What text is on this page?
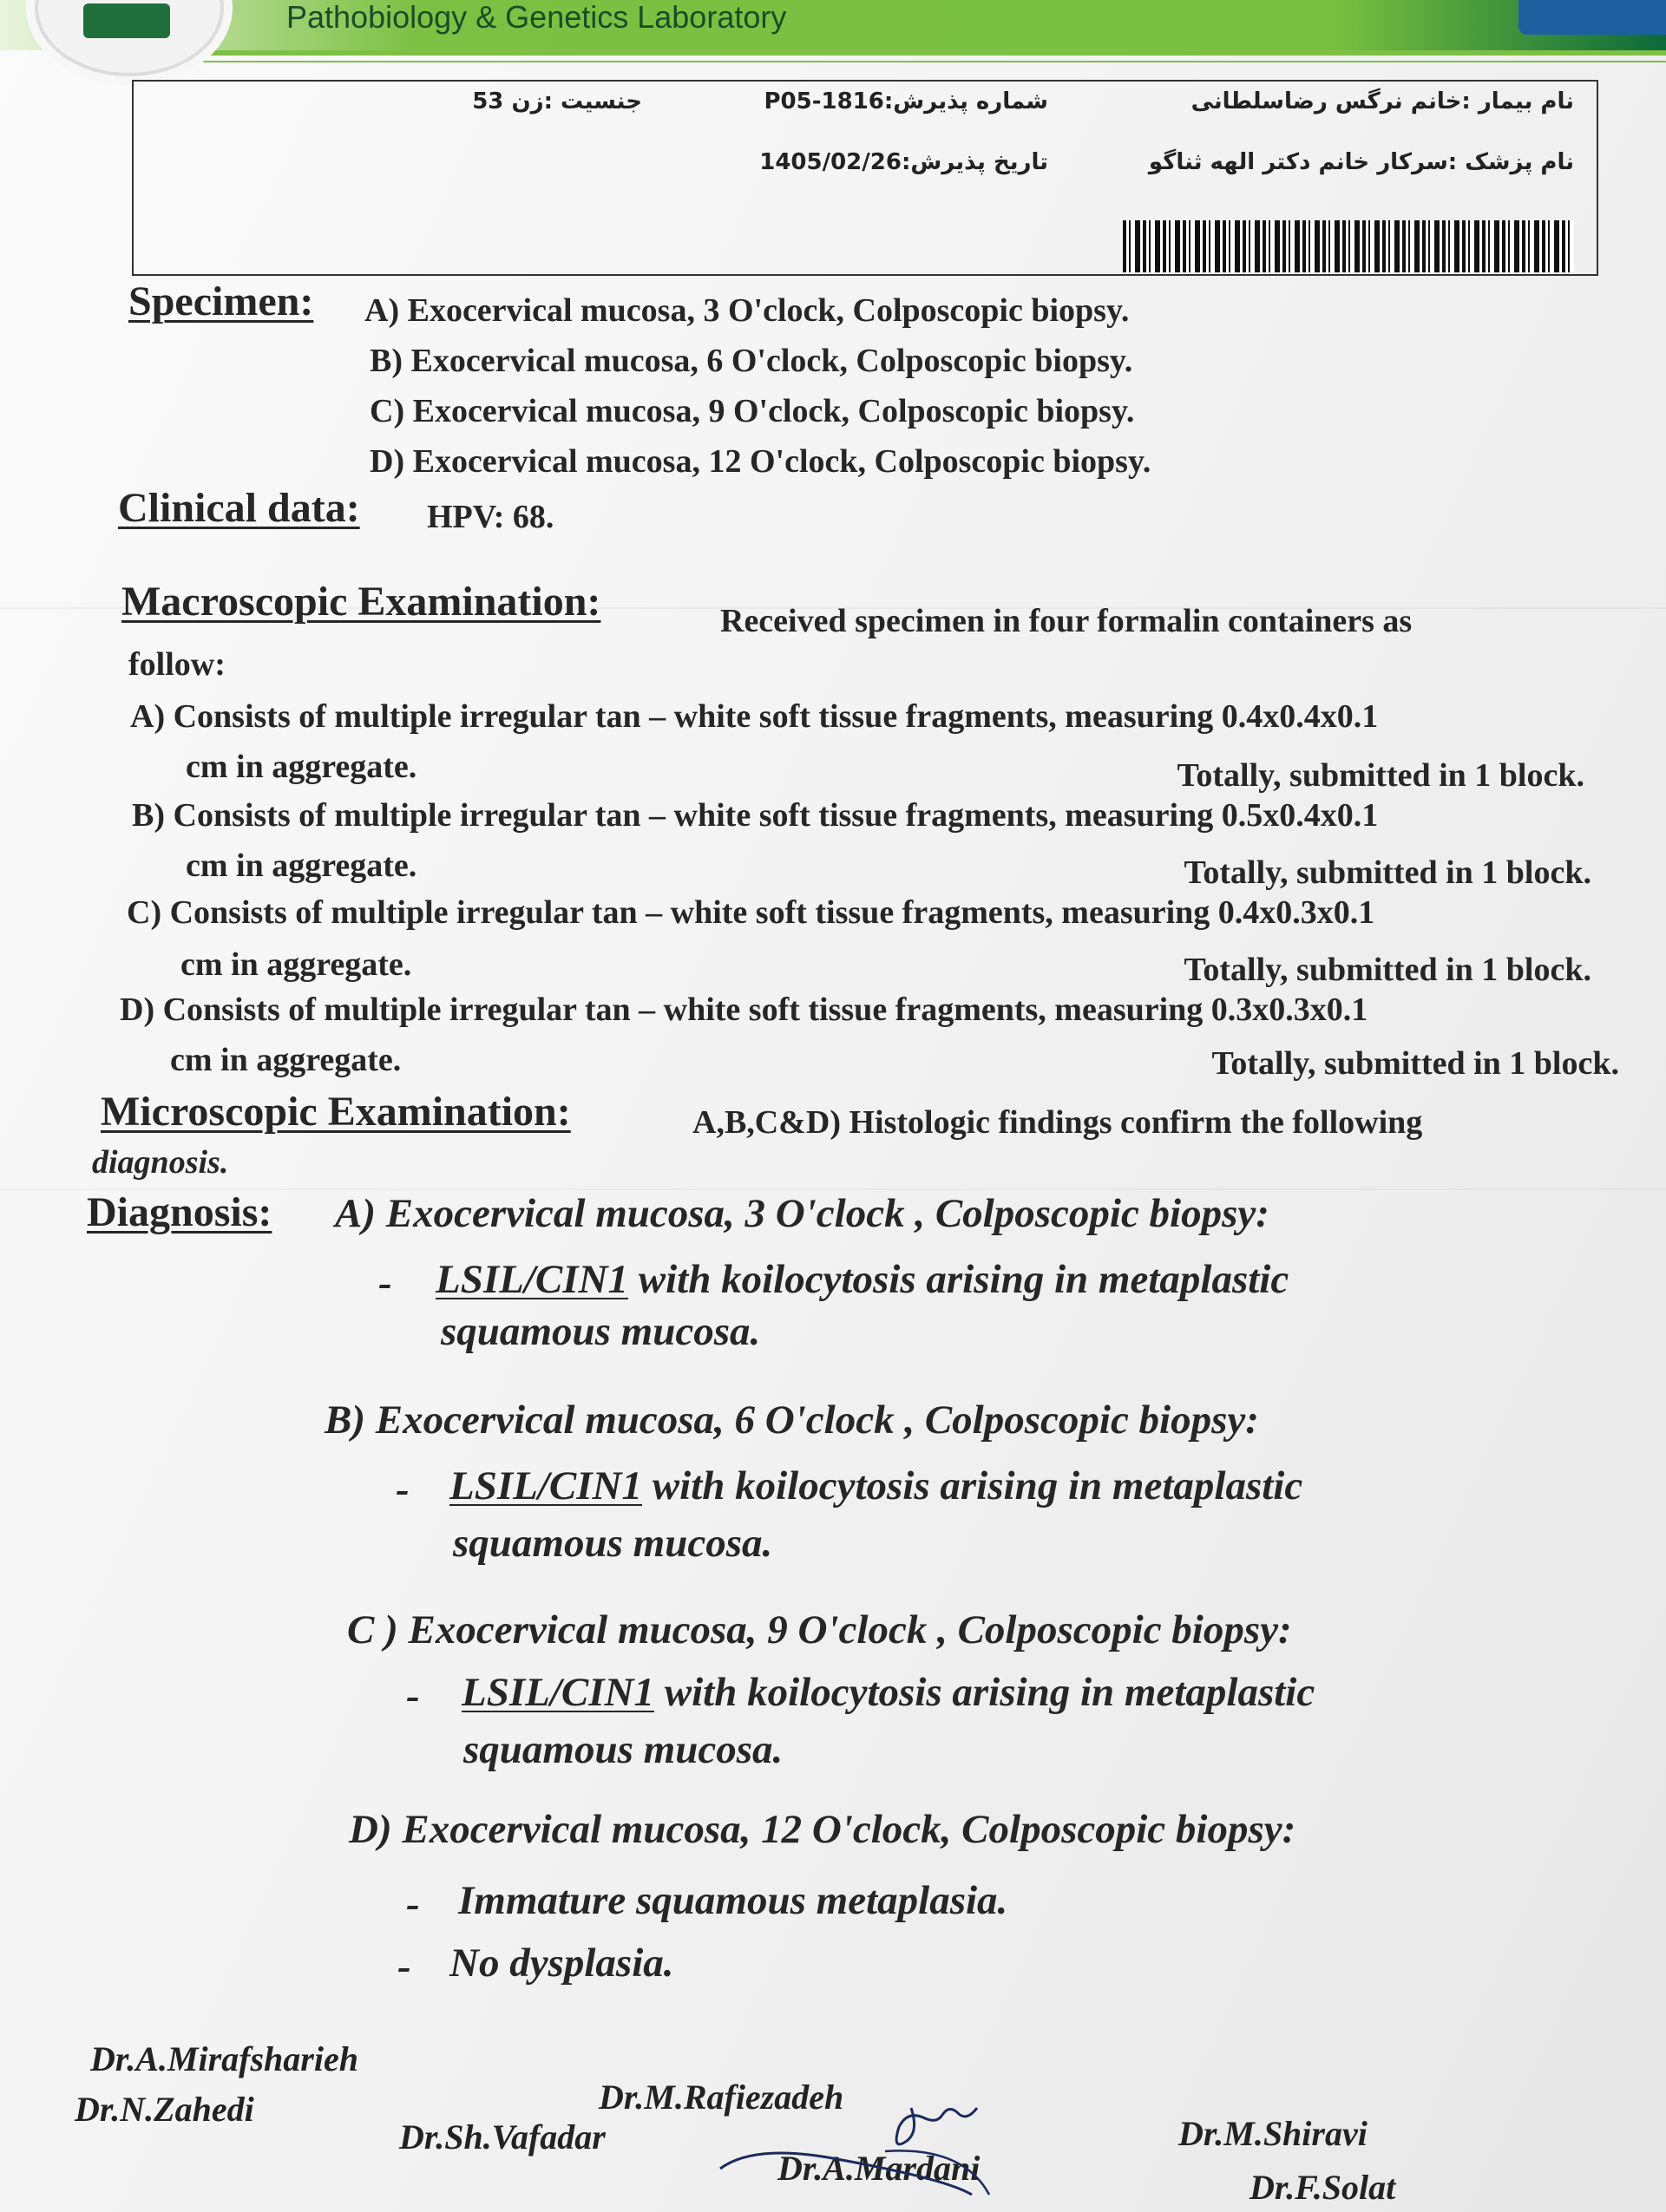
Pathobiology & Genetics Laboratory
نام بیمار :خانم نرگس رضاسلطانی
نام پزشک :سرکار خانم دکتر الهه ثناگو
شماره پذیرش:P05-1816
تاریخ پذیرش:1405/02/26
جنسیت :زن 53
Specimen: A) Exocervical mucosa, 3 O'clock, Colposcopic biopsy.
B) Exocervical mucosa, 6 O'clock, Colposcopic biopsy.
C) Exocervical mucosa, 9 O'clock, Colposcopic biopsy.
D) Exocervical mucosa, 12 O'clock, Colposcopic biopsy.
Clinical data: HPV: 68.
Macroscopic Examination:	Received specimen in four formalin containers as
follow:
A) Consists of multiple irregular tan – white soft tissue fragments, measuring 0.4x0.4x0.1
cm in aggregate.	Totally, submitted in 1 block.
B) Consists of multiple irregular tan – white soft tissue fragments, measuring 0.5x0.4x0.1
cm in aggregate.	Totally, submitted in 1 block.
C) Consists of multiple irregular tan – white soft tissue fragments, measuring 0.4x0.3x0.1
cm in aggregate.	Totally, submitted in 1 block.
D) Consists of multiple irregular tan – white soft tissue fragments, measuring 0.3x0.3x0.1
cm in aggregate.	Totally, submitted in 1 block.
Microscopic Examination:	A,B,C&D) Histologic findings confirm the following
diagnosis.
Diagnosis: A) Exocervical mucosa, 3 O'clock , Colposcopic biopsy:
- LSIL/CIN1 with koilocytosis arising in metaplastic
squamous mucosa.
B) Exocervical mucosa, 6 O'clock , Colposcopic biopsy:
- LSIL/CIN1 with koilocytosis arising in metaplastic
squamous mucosa.
C ) Exocervical mucosa, 9 O'clock , Colposcopic biopsy:
- LSIL/CIN1 with koilocytosis arising in metaplastic
squamous mucosa.
D) Exocervical mucosa, 12 O'clock, Colposcopic biopsy:
- Immature squamous metaplasia.
- No dysplasia.
Dr.A.Mirafsharieh
Dr.N.Zahedi
Dr.Sh.Vafadar
Dr.M.Rafiezadeh
Dr.A.Mardani
Dr.M.Shiravi
Dr.F.Solat
